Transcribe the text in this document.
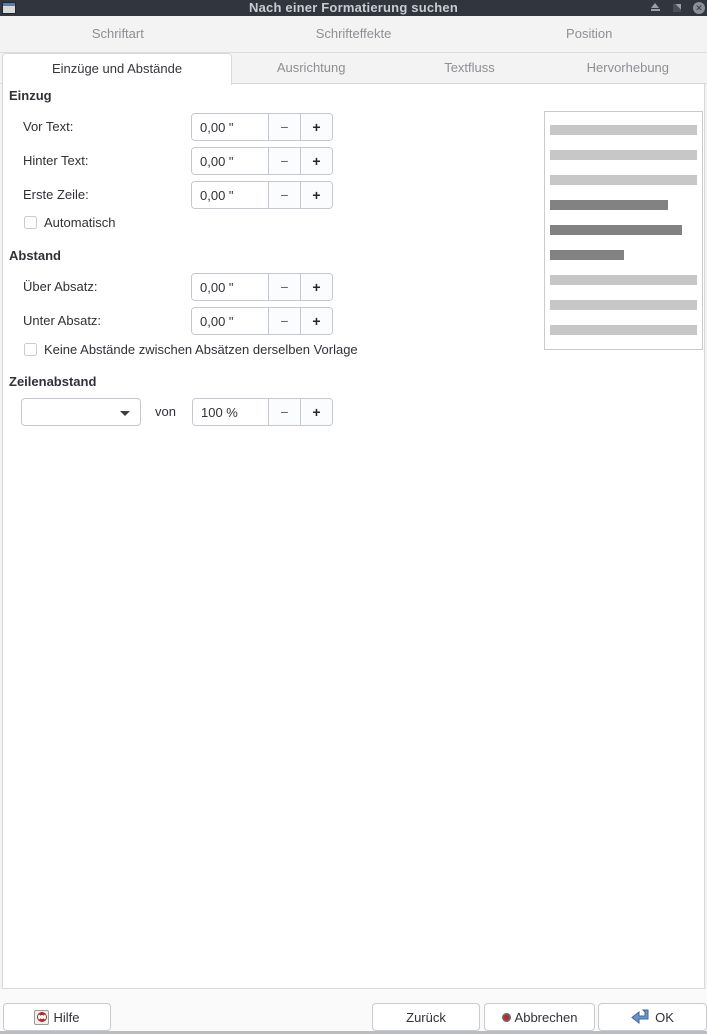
Nach einer Formatierung suchen	✕
Schriftart	Schrifteffekte	Position
Einzüge und Abstände	Ausrichtung	Textfluss	Hervorhebung
Einzug
Vor Text:
0,00 "	−	+
Hinter Text:
0,00 "	−	+
Erste Zeile:
0,00 "	−	+
Automatisch
Abstand
Über Absatz:
0,00 "	−	+
Unter Absatz:
0,00 "	−	+
Keine Abstände zwischen Absätzen derselben Vorlage
Zeilenabstand
von
100 %	−	+
Hilfe	Zurück	Abbrechen	OK
